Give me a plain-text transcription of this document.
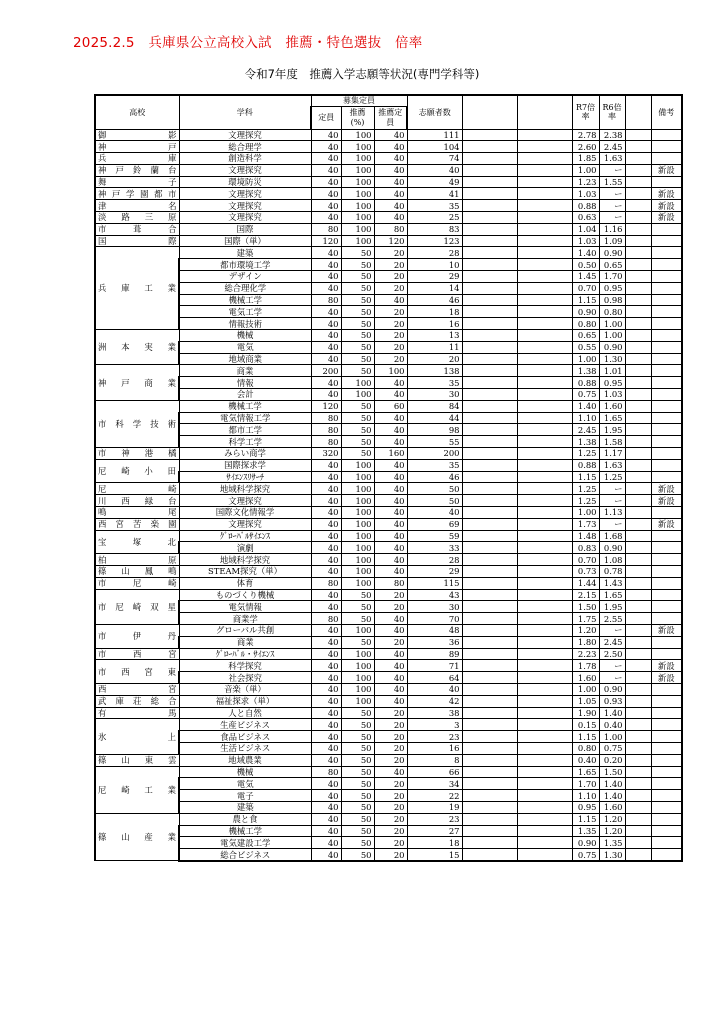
2025.2.5　兵庫県公立高校入試　推薦・特色選抜　倍率
令和7年度　推薦入学志願等状況(専門学科等)
高校	学科	募集定員			志願者数			R7倍率	R6倍率		備考
		定員	推薦(%)	推薦定員							
御影	文理探究	40	100	40	111			2.78	2.38		
神戸	総合理学	40	100	40	104			2.60	2.45		
兵庫	創造科学	40	100	40	74			1.85	1.63		
神戸鈴蘭台	文理探究	40	100	40	40			1.00	ー		新設
舞子	環境防災	40	100	40	49			1.23	1.55		
神戸学園都市	文理探究	40	100	40	41			1.03	ー		新設
津名	文理探究	40	100	40	35			0.88	ー		新設
淡路三原	文理探究	40	100	40	25			0.63	ー		新設
市葺合	国際	80	100	80	83			1.04	1.16		
国際	国際（単）	120	100	120	123			1.03	1.09		
兵庫工業	建築	40	50	20	28			1.40	0.90		
	都市環境工学	40	50	20	10			0.50	0.65		
	デザイン	40	50	20	29			1.45	1.70		
	総合理化学	40	50	20	14			0.70	0.95		
	機械工学	80	50	40	46			1.15	0.98		
	電気工学	40	50	20	18			0.90	0.80		
	情報技術	40	50	20	16			0.80	1.00		
洲本実業	機械	40	50	20	13			0.65	1.00		
	電気	40	50	20	11			0.55	0.90		
	地域商業	40	50	20	20			1.00	1.30		
神戸商業	商業	200	50	100	138			1.38	1.01		
	情報	40	100	40	35			0.88	0.95		
	会計	40	100	40	30			0.75	1.03		
市科学技術	機械工学	120	50	60	84			1.40	1.60		
	電気情報工学	80	50	40	44			1.10	1.65		
	都市工学	80	50	40	98			2.45	1.95		
	科学工学	80	50	40	55			1.38	1.58		
市神港橘	みらい商学	320	50	160	200			1.25	1.17		
尼崎小田	国際探求学	40	100	40	35			0.88	1.63		
	ｻｲｴﾝｽﾘｻｰﾁ	40	100	40	46			1.15	1.25		
尼崎	地域科学探究	40	100	40	50			1.25	ー		新設
川西緑台	文理探究	40	100	40	50			1.25	ー		新設
鳴尾	国際文化情報学	40	100	40	40			1.00	1.13		
西宮苦楽園	文理探究	40	100	40	69			1.73	ー		新設
宝塚北	ｸﾞﾛｰﾊﾞﾙｻｲｴﾝｽ	40	100	40	59			1.48	1.68		
	演劇	40	100	40	33			0.83	0.90		
柏原	地域科学探究	40	100	40	28			0.70	1.08		
篠山鳳鳴	STEAM探究（単）	40	100	40	29			0.73	0.78		
市尼崎	体育	80	100	80	115			1.44	1.43		
市尼崎双星	ものづくり機械	40	50	20	43			2.15	1.65		
	電気情報	40	50	20	30			1.50	1.95		
	商業学	80	50	40	70			1.75	2.55		
市伊丹	グローバル共創	40	100	40	48			1.20	ー		新設
	商業	40	50	20	36			1.80	2.45		
市西宮	ｸﾞﾛｰﾊﾞﾙ・ｻｲｴﾝｽ	40	100	40	89			2.23	2.50		
市西宮東	科学探究	40	100	40	71			1.78	ー		新設
	社会探究	40	100	40	64			1.60	ー		新設
西宮	音楽（単）	40	100	40	40			1.00	0.90		
武庫荘総合	福祉探求（単）	40	100	40	42			1.05	0.93		
有馬	人と自然	40	50	20	38			1.90	1.40		
氷上	生産ビジネス	40	50	20	3			0.15	0.40		
	食品ビジネス	40	50	20	23			1.15	1.00		
	生活ビジネス	40	50	20	16			0.80	0.75		
篠山東雲	地域農業	40	50	20	8			0.40	0.20		
尼崎工業	機械	80	50	40	66			1.65	1.50		
	電気	40	50	20	34			1.70	1.40		
	電子	40	50	20	22			1.10	1.40		
	建築	40	50	20	19			0.95	1.60		
篠山産業	農と食	40	50	20	23			1.15	1.20		
	機械工学	40	50	20	27			1.35	1.20		
	電気建設工学	40	50	20	18			0.90	1.35		
	総合ビジネス	40	50	20	15			0.75	1.30		
